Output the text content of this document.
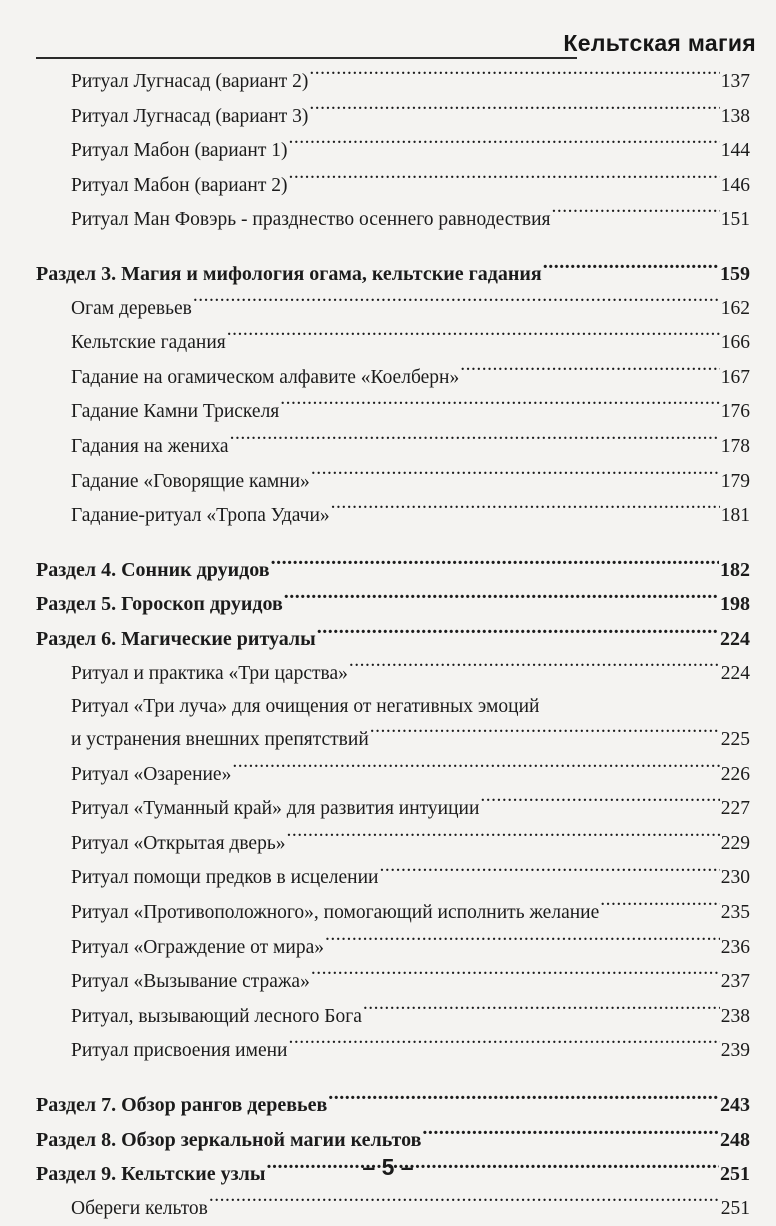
Кельтская магия
Ритуал Лугнасад (вариант 2) .....	137
Ритуал Лугнасад (вариант 3) .....	138
Ритуал Мабон (вариант 1) .....	144
Ритуал Мабон (вариант 2) .....	146
Ритуал Ман Фовэрь - празднество осеннего равнодествия .....	151
Раздел 3. Магия и мифология огама, кельтские гадания .....	159
Огам деревьев .....	162
Кельтские гадания .....	166
Гадание на огамическом алфавите «Коелберн» .....	167
Гадание Камни Трискеля .....	176
Гадания на жениха .....	178
Гадание «Говорящие камни» .....	179
Гадание-ритуал «Тропа Удачи» .....	181
Раздел 4. Сонник друидов .....	182
Раздел 5. Гороскоп друидов .....	198
Раздел 6. Магические ритуалы .....	224
Ритуал и практика «Три царства» .....	224
Ритуал «Три луча» для очищения от негативных эмоций
и устранения внешних препятствий .....	225
Ритуал «Озарение» .....	226
Ритуал «Туманный край» для развития интуиции .....	227
Ритуал «Открытая дверь» .....	229
Ритуал помощи предков в исцелении .....	230
Ритуал «Противоположного», помогающий исполнить желание .....	235
Ритуал «Ограждение от мира» .....	236
Ритуал «Вызывание стража» .....	237
Ритуал, вызывающий лесного Бога .....	238
Ритуал присвоения имени .....	239
Раздел 7. Обзор рангов деревьев .....	243
Раздел 8. Обзор зеркальной магии кельтов .....	248
Раздел 9. Кельтские узлы .....	251
Обереги кельтов .....	251
– 5 –
